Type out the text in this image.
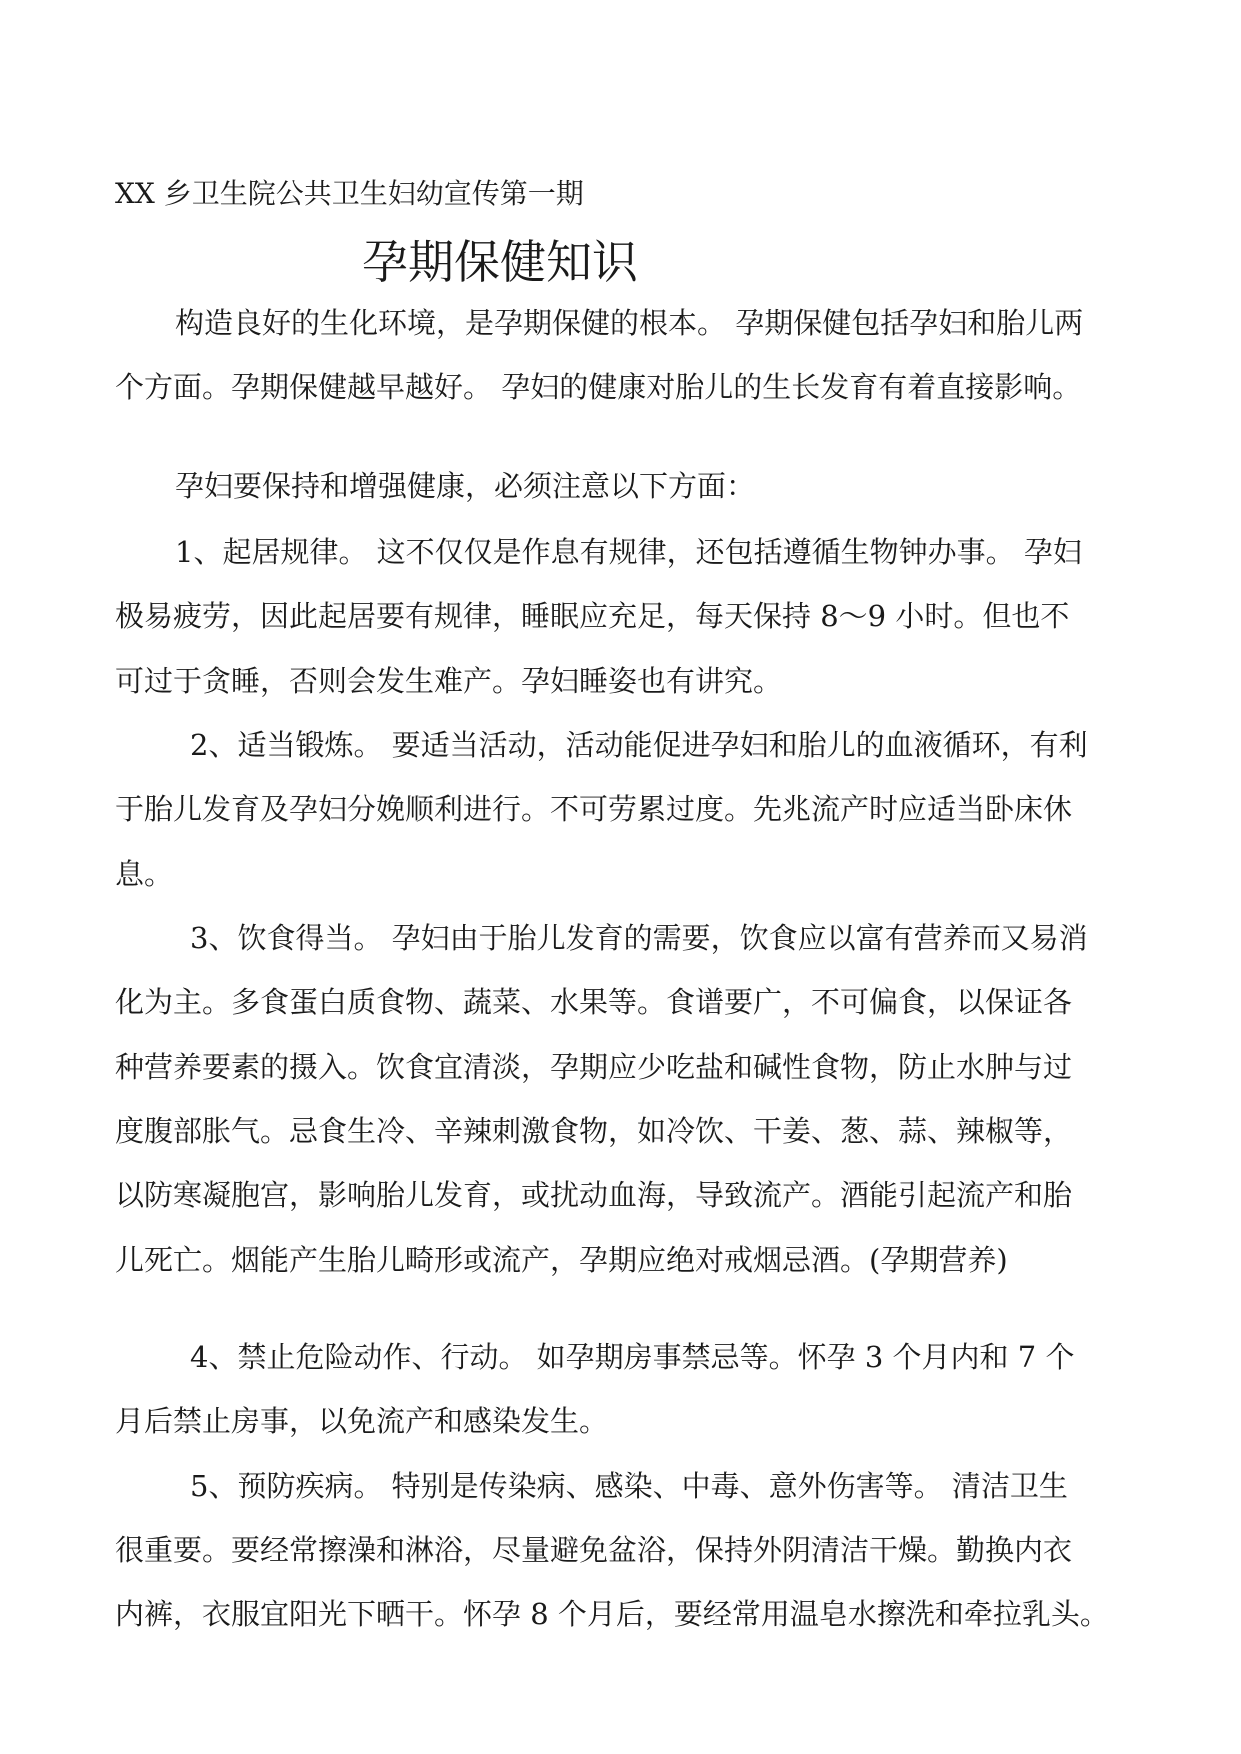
XX 乡卫生院公共卫生妇幼宣传第一期
孕期保健知识
构造良好的生化环境，是孕期保健的根本。 孕期保健包括孕妇和胎儿两
个方面。孕期保健越早越好。 孕妇的健康对胎儿的生长发育有着直接影响。
孕妇要保持和增强健康，必须注意以下方面：
1、起居规律。 这不仅仅是作息有规律，还包括遵循生物钟办事。 孕妇
极易疲劳，因此起居要有规律，睡眠应充足，每天保持 8～9 小时。但也不
可过于贪睡，否则会发生难产。孕妇睡姿也有讲究。
2、适当锻炼。 要适当活动，活动能促进孕妇和胎儿的血液循环，有利
于胎儿发育及孕妇分娩顺利进行。不可劳累过度。先兆流产时应适当卧床休
息。
3、饮食得当。 孕妇由于胎儿发育的需要，饮食应以富有营养而又易消
化为主。多食蛋白质食物、蔬菜、水果等。食谱要广，不可偏食，以保证各
种营养要素的摄入。饮食宜清淡，孕期应少吃盐和碱性食物，防止水肿与过
度腹部胀气。忌食生冷、辛辣刺激食物，如冷饮、干姜、葱、蒜、辣椒等，
以防寒凝胞宫，影响胎儿发育，或扰动血海，导致流产。酒能引起流产和胎
儿死亡。烟能产生胎儿畸形或流产，孕期应绝对戒烟忌酒。(孕期营养)
4、禁止危险动作、行动。 如孕期房事禁忌等。怀孕 3 个月内和 7 个
月后禁止房事，以免流产和感染发生。
5、预防疾病。 特别是传染病、感染、中毒、意外伤害等。 清洁卫生
很重要。要经常擦澡和淋浴，尽量避免盆浴，保持外阴清洁干燥。勤换内衣
内裤，衣服宜阳光下晒干。怀孕 8 个月后，要经常用温皂水擦洗和牵拉乳头。
